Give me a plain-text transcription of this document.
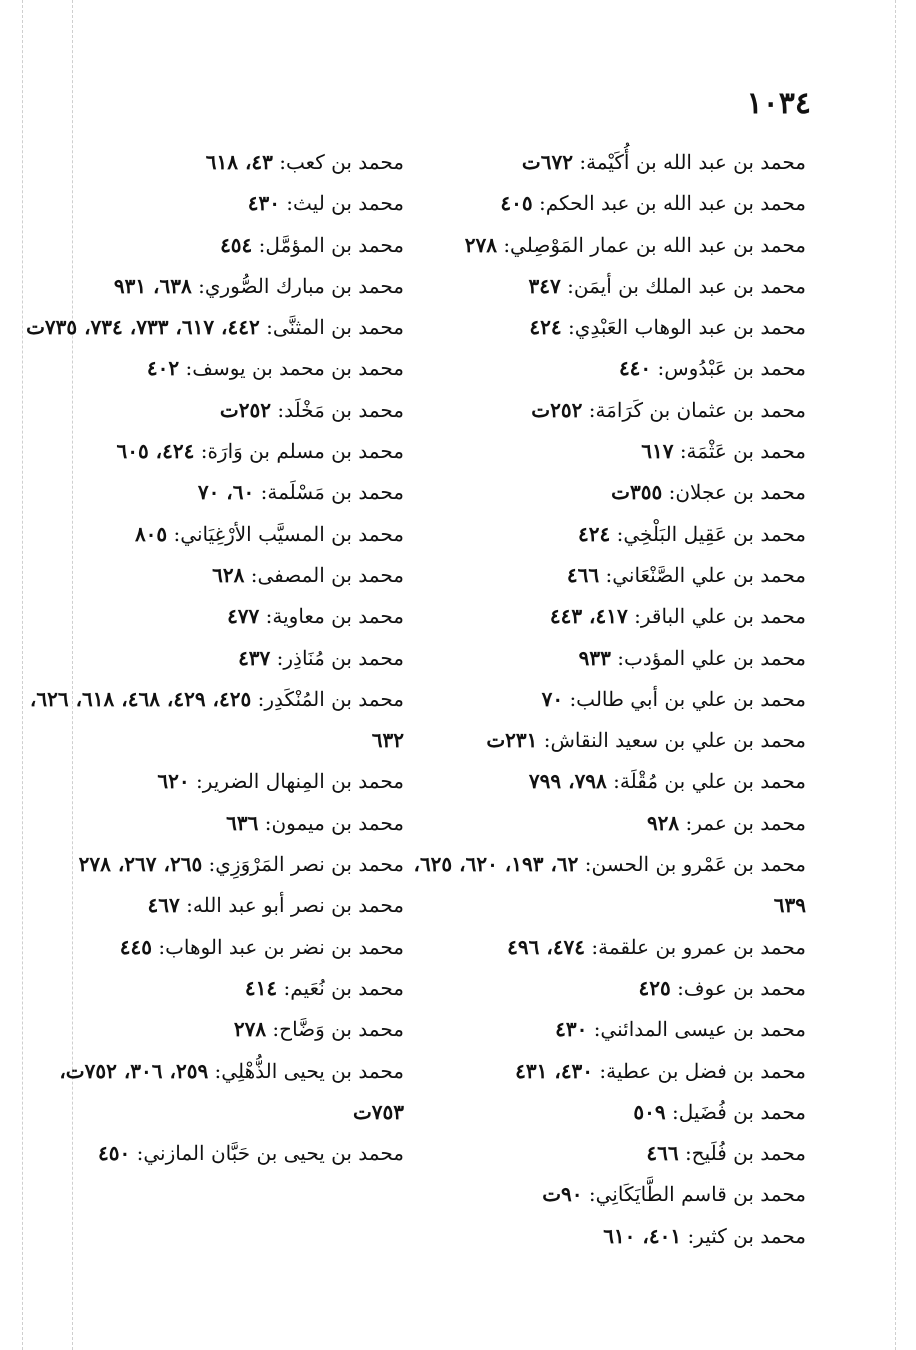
١٠٣٤
محمد بن عبد الله بن أُكَيْمة: ٦٧٢ت
محمد بن عبد الله بن عبد الحكم: ٤٠٥
محمد بن عبد الله بن عمار المَوْصِلي: ٢٧٨
محمد بن عبد الملك بن أيمَن: ٣٤٧
محمد بن عبد الوهاب العَبْدِي: ٤٢٤
محمد بن عَبْدُوس: ٤٤٠
محمد بن عثمان بن كَرَامَة: ٢٥٢ت
محمد بن عَثْمَة: ٦١٧
محمد بن عجلان: ٣٥٥ت
محمد بن عَقِيل البَلْخِي: ٤٢٤
محمد بن علي الصَّنْعَاني: ٤٦٦
محمد بن علي الباقر: ٤١٧، ٤٤٣
محمد بن علي المؤدب: ٩٣٣
محمد بن علي بن أبي طالب: ٧٠
محمد بن علي بن سعيد النقاش: ٢٣١ت
محمد بن علي بن مُقْلَة: ٧٩٨، ٧٩٩
محمد بن عمر: ٩٢٨
محمد بن عَمْرو بن الحسن: ٦٢، ١٩٣، ٦٢٠، ٦٢٥، ٦٣٩
محمد بن عمرو بن علقمة: ٤٧٤، ٤٩٦
محمد بن عوف: ٤٢٥
محمد بن عيسى المدائني: ٤٣٠
محمد بن فضل بن عطية: ٤٣٠، ٤٣١
محمد بن فُضَيل: ٥٠٩
محمد بن فُلَيح: ٤٦٦
محمد بن قاسم الطَّايَكَانِي: ٩٠ت
محمد بن كثير: ٤٠١، ٦١٠
محمد بن كعب: ٤٣، ٦١٨
محمد بن ليث: ٤٣٠
محمد بن المؤمَّل: ٤٥٤
محمد بن مبارك الصُّوري: ٦٣٨، ٩٣١
محمد بن المثنَّى: ٤٤٢، ٦١٧، ٧٣٣، ٧٣٤، ٧٣٥ت
محمد بن محمد بن يوسف: ٤٠٢
محمد بن مَخْلَد: ٢٥٢ت
محمد بن مسلم بن وَارَة: ٤٢٤، ٦٠٥
محمد بن مَسْلَمة: ٦٠، ٧٠
محمد بن المسيَّب الأرْغِيَاني: ٨٠٥
محمد بن المصفى: ٦٢٨
محمد بن معاوية: ٤٧٧
محمد بن مُنَاذِر: ٤٣٧
محمد بن المُنْكَدِر: ٤٢٥، ٤٢٩، ٤٦٨، ٦١٨، ٦٢٦، ٦٣٢
محمد بن المِنهال الضرير: ٦٢٠
محمد بن ميمون: ٦٣٦
محمد بن نصر المَرْوَزِي: ٢٦٥، ٢٦٧، ٢٧٨
محمد بن نصر أبو عبد الله: ٤٦٧
محمد بن نضر بن عبد الوهاب: ٤٤٥
محمد بن نُعَيم: ٤١٤
محمد بن وَضَّاح: ٢٧٨
محمد بن يحيى الذُّهْلِي: ٢٥٩، ٣٠٦، ٧٥٢ت، ٧٥٣ت
محمد بن يحيى بن حَبَّان المازني: ٤٥٠
